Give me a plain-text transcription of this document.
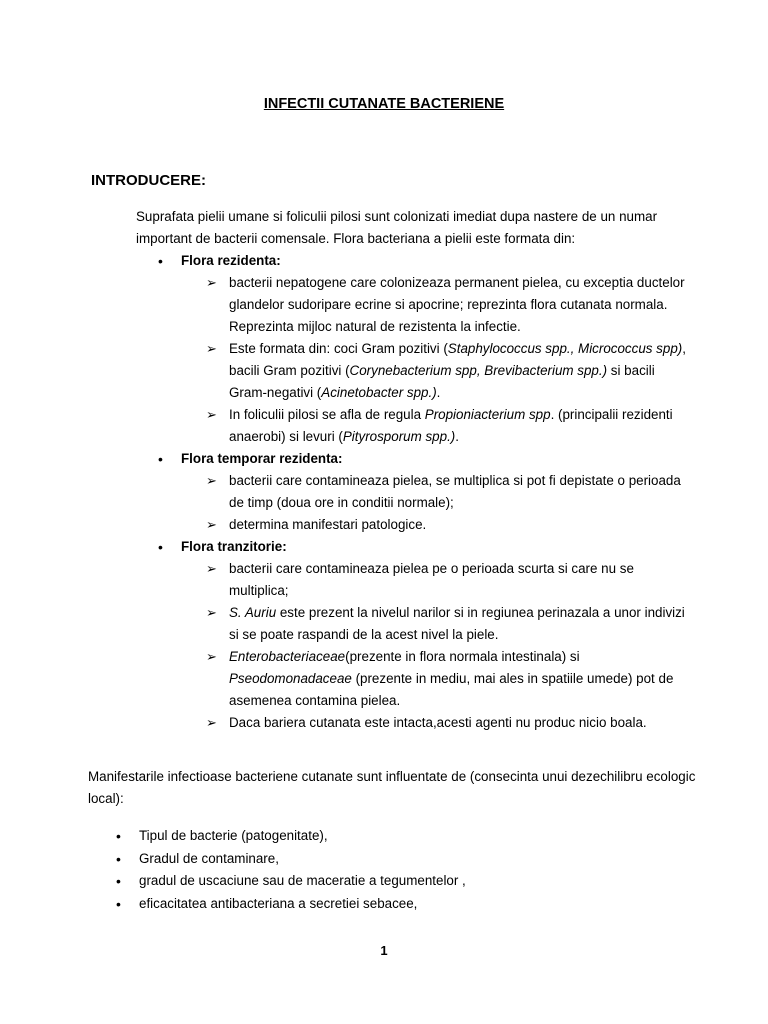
INFECTII CUTANATE BACTERIENE
INTRODUCERE:

Suprafata pielii umane si foliculii pilosi sunt colonizati imediat dupa nastere de un numar important de bacterii comensale. Flora bacteriana a pielii este formata din:

• Flora rezidenta:
➢ bacterii nepatogene care colonizeaza permanent pielea, cu exceptia ductelor glandelor sudoripare ecrine si apocrine; reprezinta flora cutanata normala. Reprezinta mijloc natural de rezistenta la infectie.
➢ Este formata din: coci Gram pozitivi (Staphylococcus spp., Micrococcus spp), bacili Gram pozitivi (Corynebacterium spp, Brevibacterium spp.) si bacili Gram-negativi (Acinetobacter spp.).
➢ In foliculii pilosi se afla de regula Propioniacterium spp. (principalii rezidenti anaerobi) si levuri (Pityrosporum spp.).
• Flora temporar rezidenta:
➢ bacterii care contamineaza pielea, se multiplica si pot fi depistate o perioada de timp (doua ore in conditii normale);
➢ determina manifestari patologice.
• Flora tranzitorie:
➢ bacterii care contamineaza pielea pe o perioada scurta si care nu se multiplica;
➢ S. Auriu este prezent la nivelul narilor si in regiunea perinazala a unor indivizi si se poate raspandi de la acest nivel la piele.
➢ Enterobacteriaceae(prezente in flora normala intestinala) si Pseodomonadaceae (prezente in mediu, mai ales in spatiile umede) pot de asemenea contamina pielea.
➢ Daca bariera cutanata este intacta,acesti agenti nu produc nicio boala.

Manifestarile infectioase bacteriene cutanate sunt influentate de (consecinta unui dezechilibru ecologic local):

• Tipul de bacterie (patogenitate),
• Gradul de contaminare,
• gradul de uscaciune sau de maceratie a tegumentelor ,
• eficacitatea antibacteriana a secretiei sebacee,
1
